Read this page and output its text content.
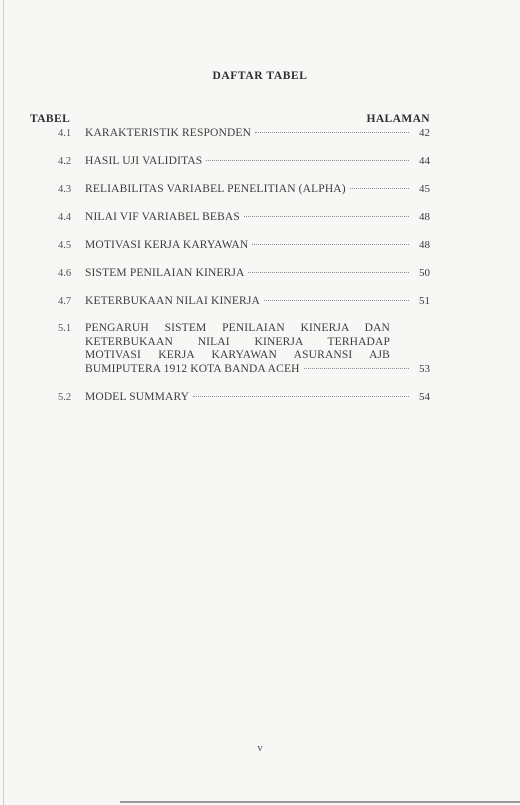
DAFTAR TABEL
TABEL	HALAMAN
4.1	KARAKTERISTIK RESPONDEN	42
4.2	HASIL UJI VALIDITAS	44
4.3	RELIABILITAS VARIABEL PENELITIAN (ALPHA)	45
4.4	NILAI VIF VARIABEL BEBAS	48
4.5	MOTIVASI KERJA KARYAWAN	48
4.6	SISTEM PENILAIAN KINERJA	50
4.7	KETERBUKAAN NILAI KINERJA	51
5.1	PENGARUH SISTEM PENILAIAN KINERJA DAN
KETERBUKAAN NILAI KINERJA TERHADAP
MOTIVASI KERJA KARYAWAN ASURANSI AJB
BUMIPUTERA 1912 KOTA BANDA ACEH	53
5.2	MODEL SUMMARY	54
v
